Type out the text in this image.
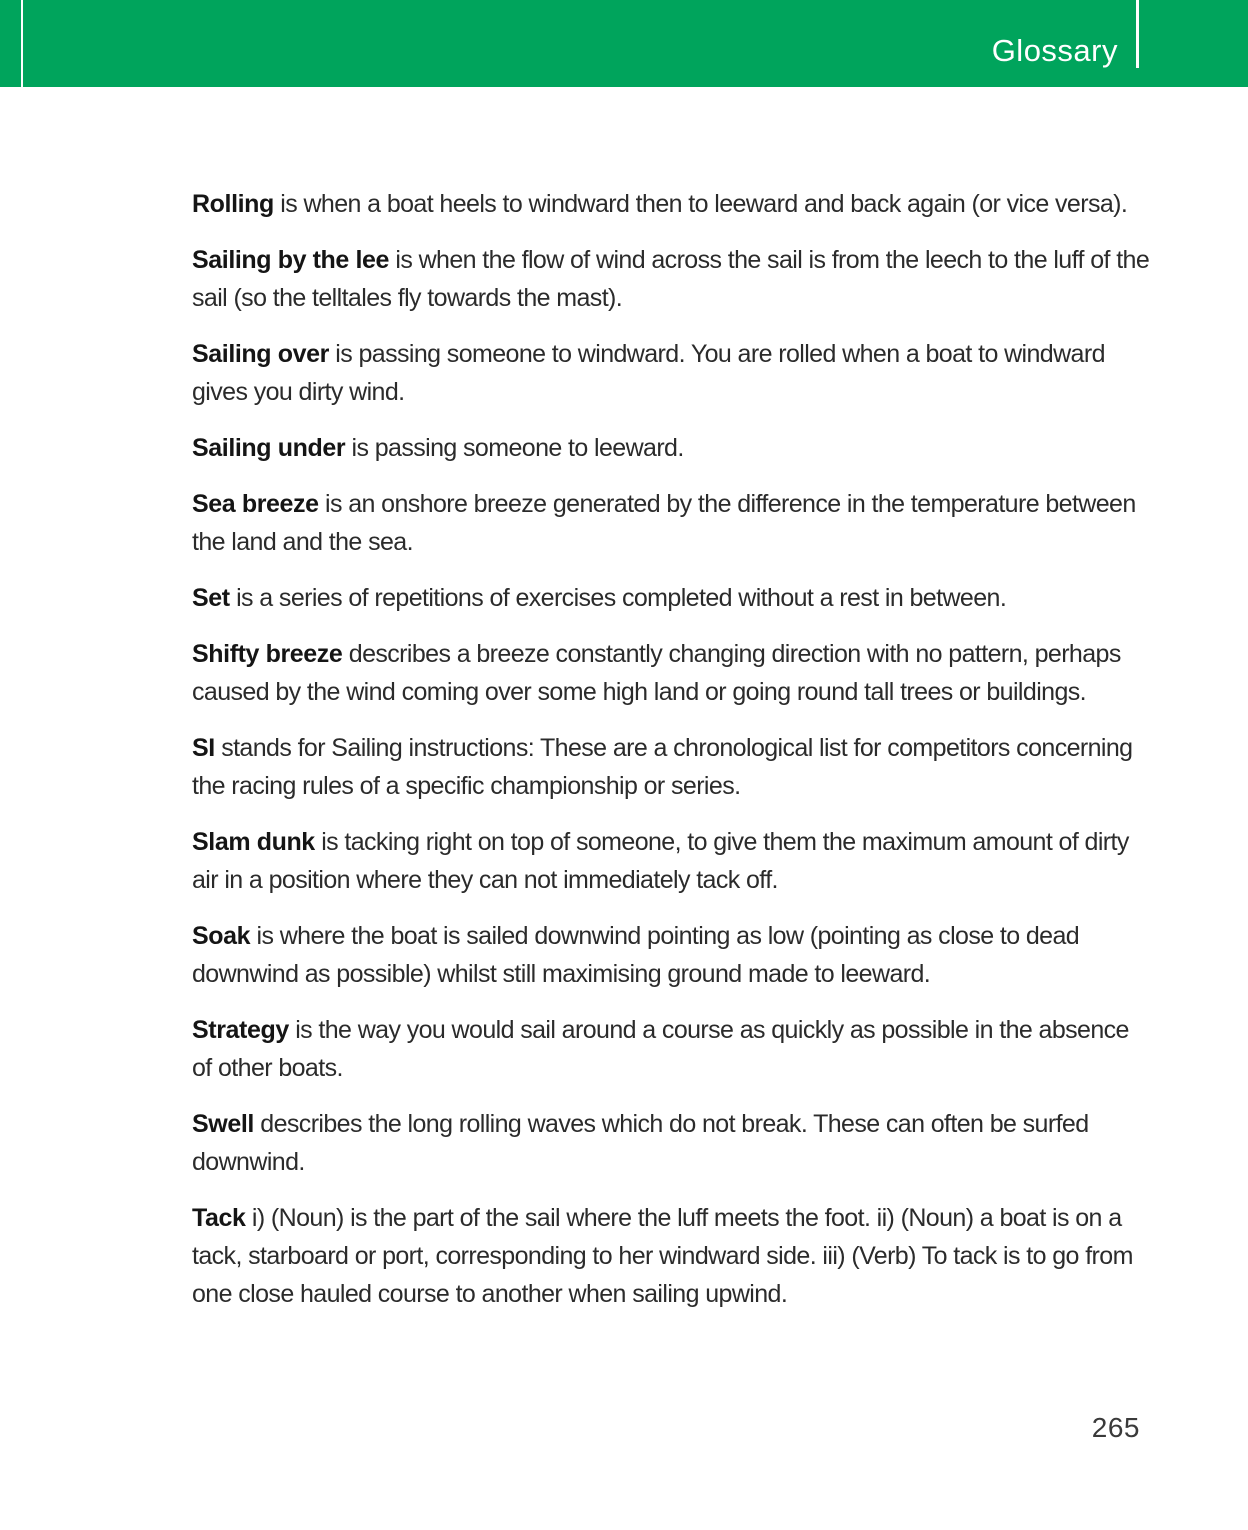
Glossary

Rolling is when a boat heels to windward then to leeward and back again (or vice versa).

Sailing by the lee is when the flow of wind across the sail is from the leech to the luff of the sail (so the telltales fly towards the mast).

Sailing over is passing someone to windward. You are rolled when a boat to windward gives you dirty wind.

Sailing under is passing someone to leeward.

Sea breeze is an onshore breeze generated by the difference in the temperature between the land and the sea.

Set is a series of repetitions of exercises completed without a rest in between.

Shifty breeze describes a breeze constantly changing direction with no pattern, perhaps caused by the wind coming over some high land or going round tall trees or buildings.

SI stands for Sailing instructions: These are a chronological list for competitors concerning the racing rules of a specific championship or series.

Slam dunk is tacking right on top of someone, to give them the maximum amount of dirty air in a position where they can not immediately tack off.

Soak is where the boat is sailed downwind pointing as low (pointing as close to dead downwind as possible) whilst still maximising ground made to leeward.

Strategy is the way you would sail around a course as quickly as possible in the absence of other boats.

Swell describes the long rolling waves which do not break. These can often be surfed downwind.

Tack i) (Noun) is the part of the sail where the luff meets the foot. ii) (Noun) a boat is on a tack, starboard or port, corresponding to her windward side. iii) (Verb) To tack is to go from one close hauled course to another when sailing upwind.

265
